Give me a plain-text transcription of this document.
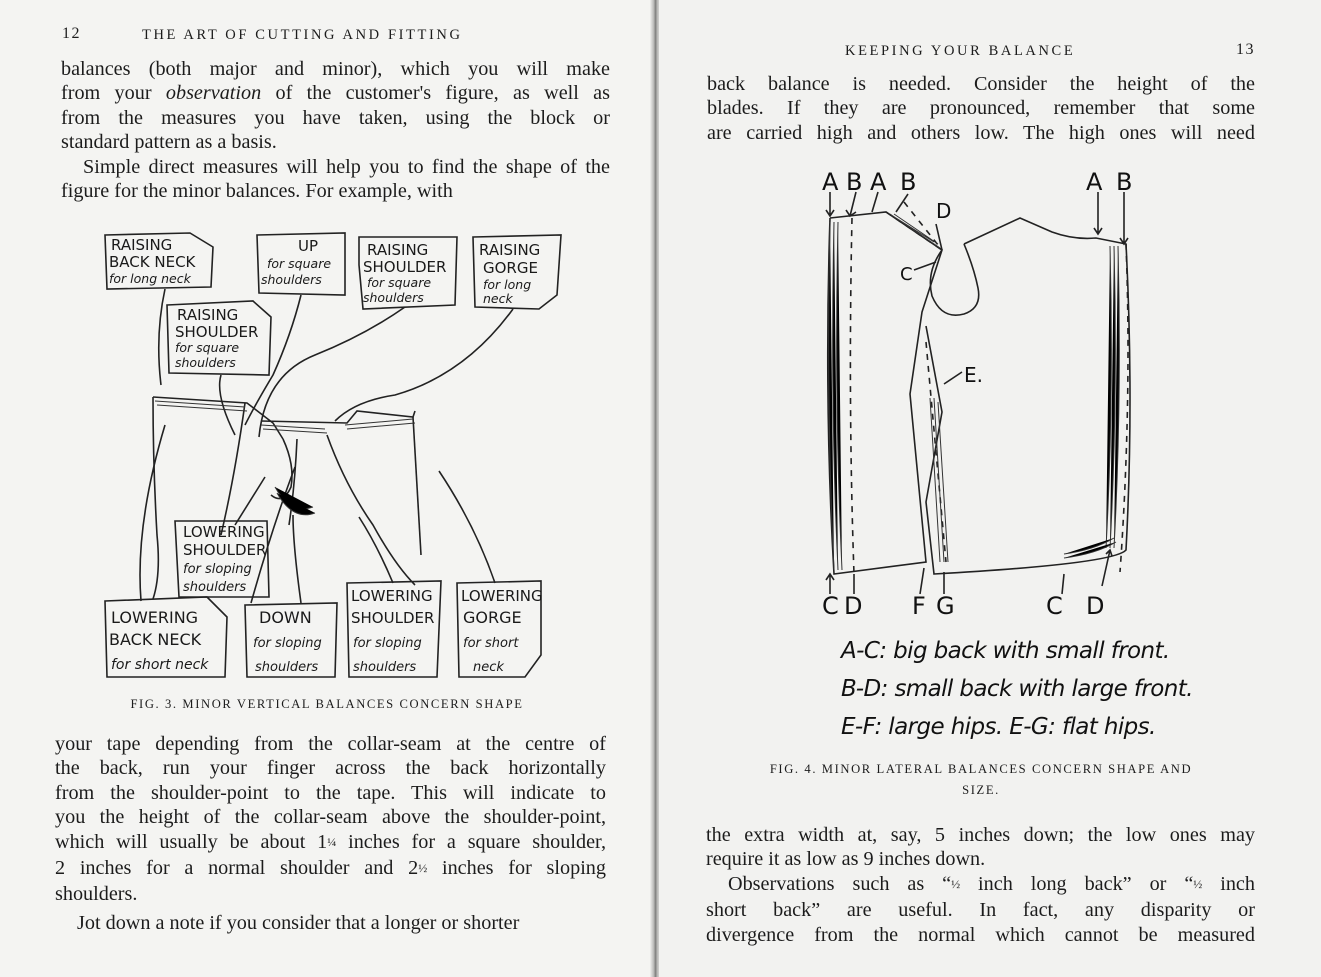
12	THE ART OF CUTTING AND FITTING

balances (both major and minor), which you will make

from your observation of the customer's figure, as well as

from the measures you have taken, using the block or

standard pattern as a basis.

Simple direct measures will help you to find the shape of the figure for the minor balances. For example, with

RAISING
BACK NECK
for long neck
UP
for square
shoulders
RAISING
SHOULDER
for square
shoulders
RAISING
GORGE
for long
neck
RAISING
SHOULDER
for square
shoulders
LOWERING
SHOULDER
for sloping
shoulders
LOWERING
BACK NECK
for short neck
DOWN
for sloping
shoulders
LOWERING
SHOULDER
for sloping
shoulders
LOWERING
GORGE
for short
neck
FIG. 3. MINOR VERTICAL BALANCES CONCERN SHAPE

your tape depending from the collar-seam at the centre of

the back, run your finger across the back horizontally

from the shoulder-point to the tape. This will indicate to

you the height of the collar-seam above the shoulder-point,

which will usually be about 1¼ inches for a square shoulder,

2 inches for a normal shoulder and 2½ inches for sloping

shoulders.

Jot down a note if you consider that a longer or shorter

KEEPING YOUR BALANCE	13

back balance is needed. Consider the height of the

blades. If they are pronounced, remember that some

are carried high and others low. The high ones will need

A B A B	A B
D
C
E.
C D F G	C D
A-C: big back with small front.
B-D: small back with large front.
E-F: large hips. E-G: flat hips.
FIG. 4. MINOR LATERAL BALANCES CONCERN SHAPE AND
SIZE.

the extra width at, say, 5 inches down; the low ones may

require it as low as 9 inches down.

Observations such as “½ inch long back” or “½ inch

short back” are useful. In fact, any disparity or

divergence from the normal which cannot be measured
